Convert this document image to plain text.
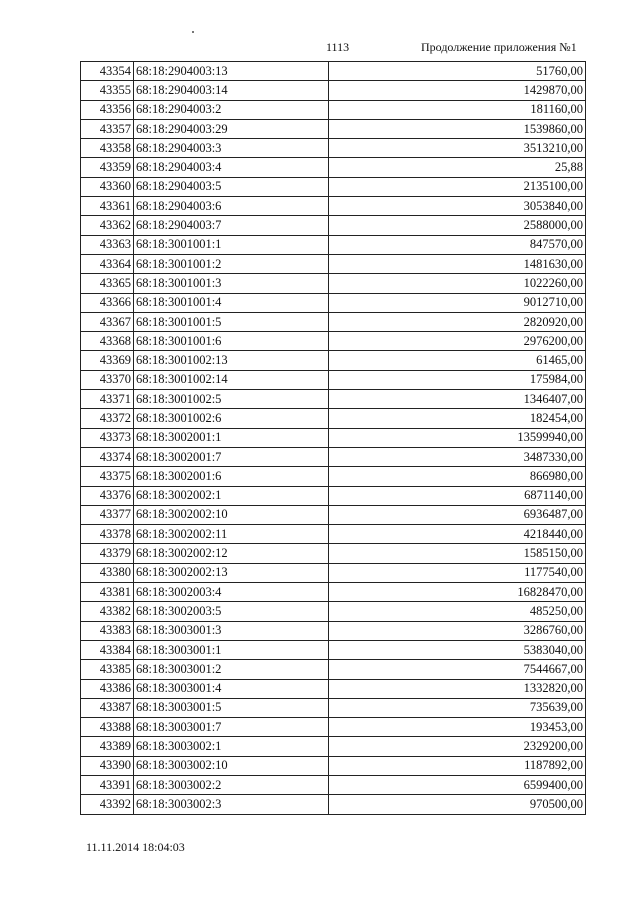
1113	Продолжение приложения №1
43354	68:18:2904003:13	51760,00
43355	68:18:2904003:14	1429870,00
43356	68:18:2904003:2	181160,00
43357	68:18:2904003:29	1539860,00
43358	68:18:2904003:3	3513210,00
43359	68:18:2904003:4	25,88
43360	68:18:2904003:5	2135100,00
43361	68:18:2904003:6	3053840,00
43362	68:18:2904003:7	2588000,00
43363	68:18:3001001:1	847570,00
43364	68:18:3001001:2	1481630,00
43365	68:18:3001001:3	1022260,00
43366	68:18:3001001:4	9012710,00
43367	68:18:3001001:5	2820920,00
43368	68:18:3001001:6	2976200,00
43369	68:18:3001002:13	61465,00
43370	68:18:3001002:14	175984,00
43371	68:18:3001002:5	1346407,00
43372	68:18:3001002:6	182454,00
43373	68:18:3002001:1	13599940,00
43374	68:18:3002001:7	3487330,00
43375	68:18:3002001:6	866980,00
43376	68:18:3002002:1	6871140,00
43377	68:18:3002002:10	6936487,00
43378	68:18:3002002:11	4218440,00
43379	68:18:3002002:12	1585150,00
43380	68:18:3002002:13	1177540,00
43381	68:18:3002003:4	16828470,00
43382	68:18:3002003:5	485250,00
43383	68:18:3003001:3	3286760,00
43384	68:18:3003001:1	5383040,00
43385	68:18:3003001:2	7544667,00
43386	68:18:3003001:4	1332820,00
43387	68:18:3003001:5	735639,00
43388	68:18:3003001:7	193453,00
43389	68:18:3003002:1	2329200,00
43390	68:18:3003002:10	1187892,00
43391	68:18:3003002:2	6599400,00
43392	68:18:3003002:3	970500,00
11.11.2014 18:04:03
